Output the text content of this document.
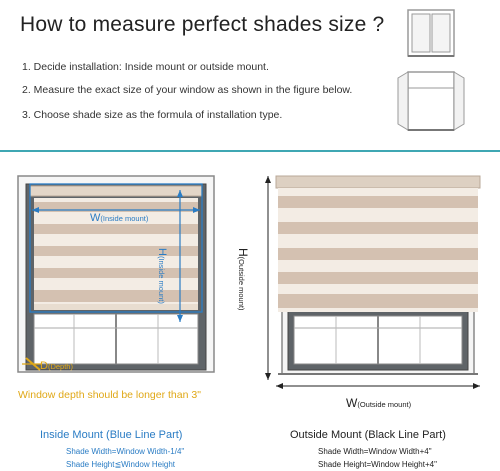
How to measure perfect shades size ?
1. Decide installation: Inside mount or outside mount.
2. Measure the exact size of your window as shown in the figure below.
3. Choose shade size as the formula of installation type.
W(Inside mount)
H(Inside mount)
D(Depth)
H(Outside mount)
W(Outside mount)
Window depth should be longer than 3"
Inside Mount (Blue Line Part)
Shade Width=Window Width-1/4"
Shade Height≦Window Height
Outside Mount (Black Line Part)
Shade Width=Window Width+4"
Shade Height=Window Height+4"
